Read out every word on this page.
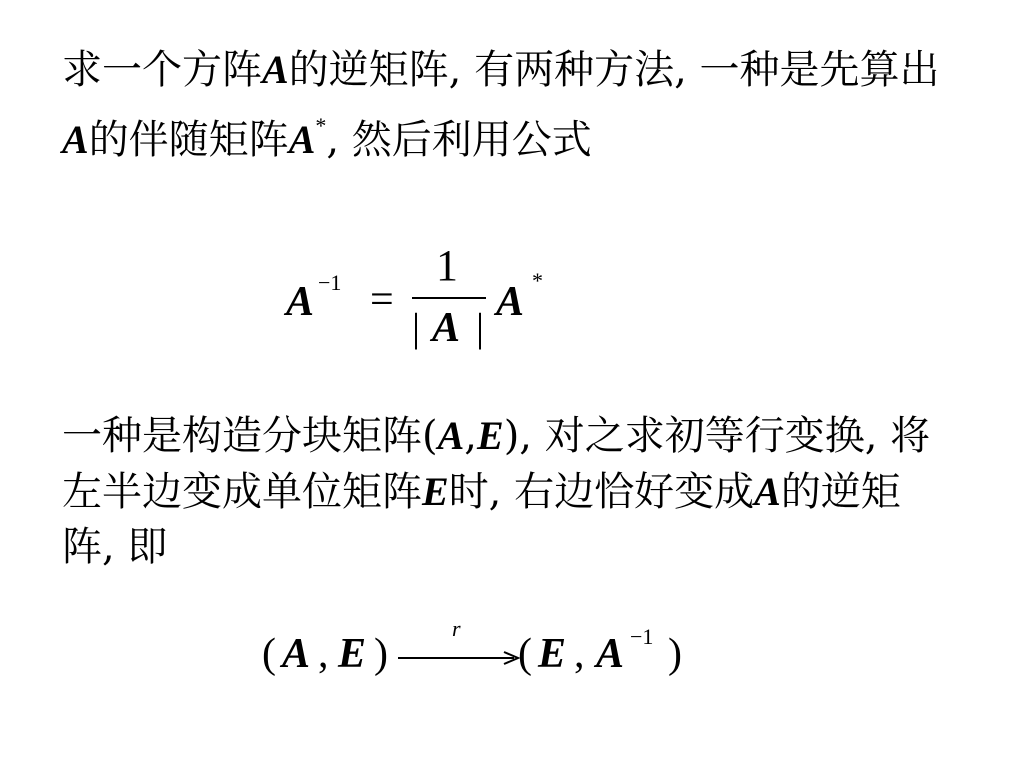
求一个方阵A的逆矩阵, 有两种方法, 一种是先算出A的伴随矩阵A*, 然后利用公式
A −1 =
1
| A |
A *
一种是构造分块矩阵(A,E), 对之求初等行变换, 将左半边变成单位矩阵E时, 右边恰好变成A的逆矩阵, 即
( A , E )
r
( E , A −1 )
